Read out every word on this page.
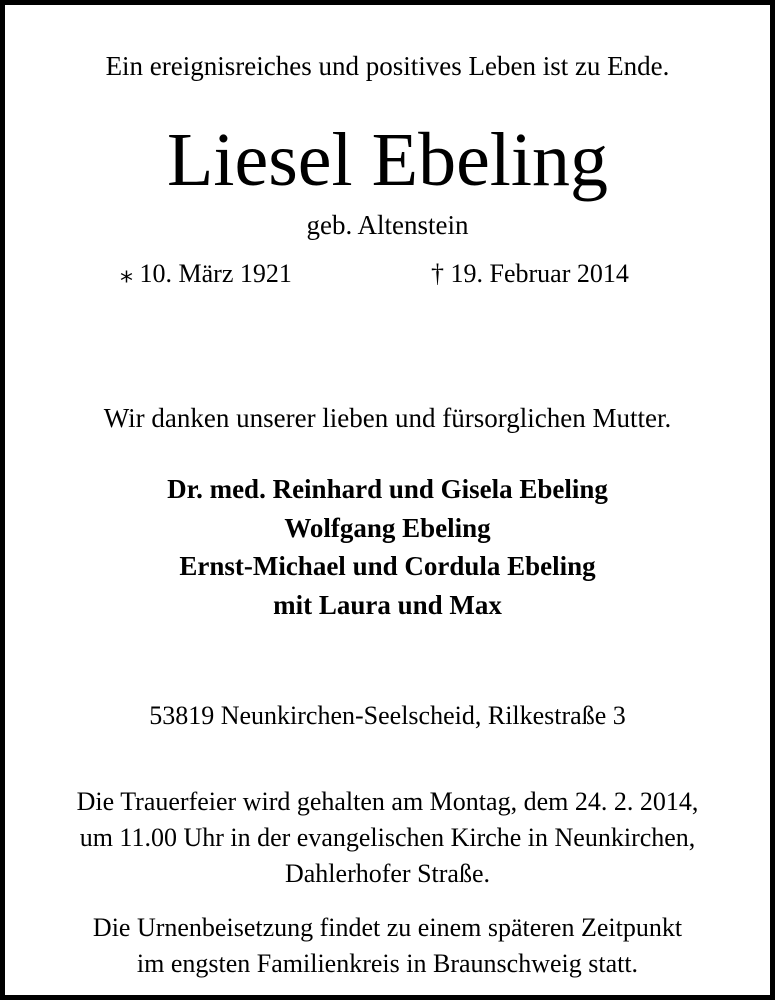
Ein ereignisreiches und positives Leben ist zu Ende.
Liesel Ebeling
geb. Altenstein
⁎ 10. März 1921	† 19. Februar 2014
Wir danken unserer lieben und fürsorglichen Mutter.
Dr. med. Reinhard und Gisela Ebeling
Wolfgang Ebeling
Ernst-Michael und Cordula Ebeling
mit Laura und Max
53819 Neunkirchen-Seelscheid, Rilkestraße 3
Die Trauerfeier wird gehalten am Montag, dem 24. 2. 2014,
um 11.00 Uhr in der evangelischen Kirche in Neunkirchen,
Dahlerhofer Straße.
Die Urnenbeisetzung findet zu einem späteren Zeitpunkt
im engsten Familienkreis in Braunschweig statt.
